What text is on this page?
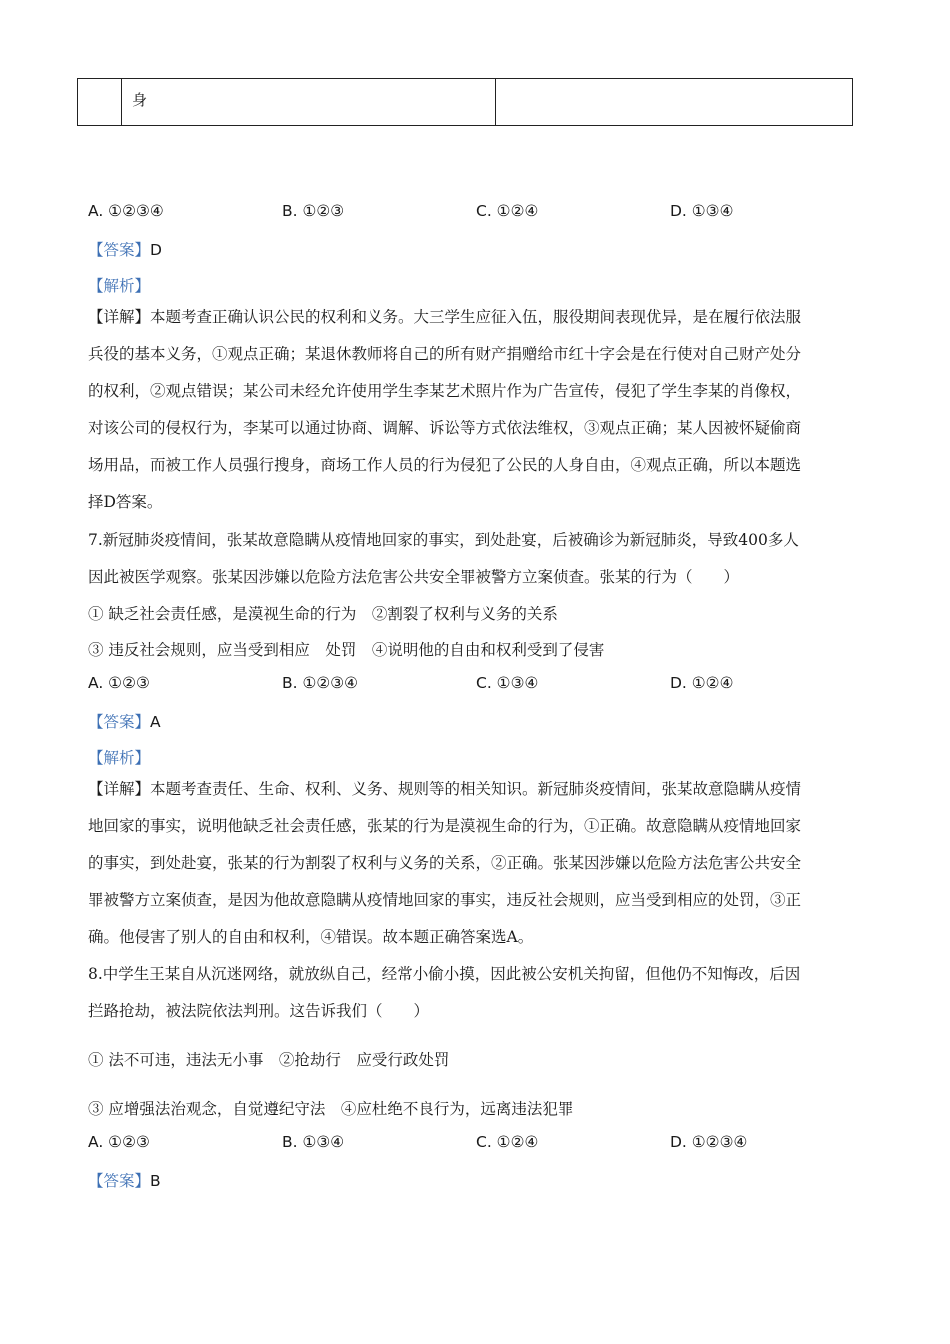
身
A. ①②③④	B. ①②③	C. ①②④	D. ①③④
【答案】D
【解析】
【详解】本题考查正确认识公民的权利和义务。大三学生应征入伍，服役期间表现优异，是在履行依法服
兵役的基本义务，①观点正确；某退休教师将自己的所有财产捐赠给市红十字会是在行使对自己财产处分
的权利，②观点错误；某公司未经允许使用学生李某艺术照片作为广告宣传，侵犯了学生李某的肖像权，
对该公司的侵权行为，李某可以通过协商、调解、诉讼等方式依法维权，③观点正确；某人因被怀疑偷商
场用品，而被工作人员强行搜身，商场工作人员的行为侵犯了公民的人身自由，④观点正确，所以本题选
择D答案。
7.新冠肺炎疫情间，张某故意隐瞒从疫情地回家的事实，到处赴宴，后被确诊为新冠肺炎，导致400多人
因此被医学观察。张某因涉嫌以危险方法危害公共安全罪被警方立案侦查。张某的行为（　　）
① 缺乏社会责任感，是漠视生命的行为　②割裂了权利与义务的关系
③ 违反社会规则，应当受到相应　处罚　④说明他的自由和权利受到了侵害
A. ①②③	B. ①②③④	C. ①③④	D. ①②④
【答案】A
【解析】
【详解】本题考查责任、生命、权利、义务、规则等的相关知识。新冠肺炎疫情间，张某故意隐瞒从疫情
地回家的事实，说明他缺乏社会责任感，张某的行为是漠视生命的行为，①正确。故意隐瞒从疫情地回家
的事实，到处赴宴，张某的行为割裂了权利与义务的关系，②正确。张某因涉嫌以危险方法危害公共安全
罪被警方立案侦查，是因为他故意隐瞒从疫情地回家的事实，违反社会规则，应当受到相应的处罚，③正
确。他侵害了别人的自由和权利，④错误。故本题正确答案选A。
8.中学生王某自从沉迷网络，就放纵自己，经常小偷小摸，因此被公安机关拘留，但他仍不知悔改，后因
拦路抢劫，被法院依法判刑。这告诉我们（　　）
① 法不可违，违法无小事　②抢劫行　应受行政处罚
③ 应增强法治观念，自觉遵纪守法　④应杜绝不良行为，远离违法犯罪
A. ①②③	B. ①③④	C. ①②④	D. ①②③④
【答案】B
